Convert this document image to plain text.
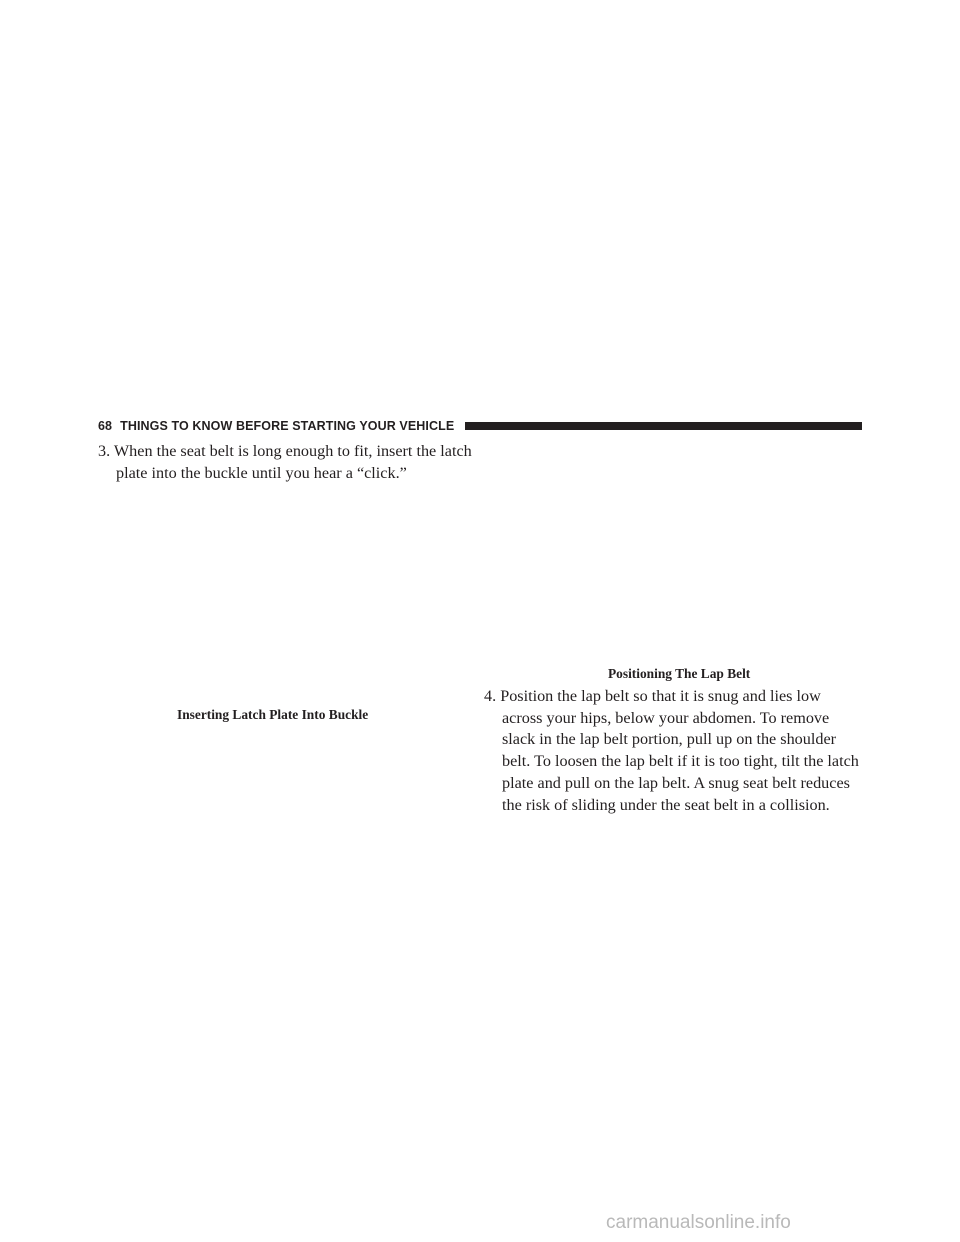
68 THINGS TO KNOW BEFORE STARTING YOUR VEHICLE
3. When the seat belt is long enough to fit, insert the latch
plate into the buckle until you hear a “click.”
Inserting Latch Plate Into Buckle
Positioning The Lap Belt
4. Position the lap belt so that it is snug and lies low
across your hips, below your abdomen. To remove
slack in the lap belt portion, pull up on the shoulder
belt. To loosen the lap belt if it is too tight, tilt the latch
plate and pull on the lap belt. A snug seat belt reduces
the risk of sliding under the seat belt in a collision.
carmanualsonline.info
